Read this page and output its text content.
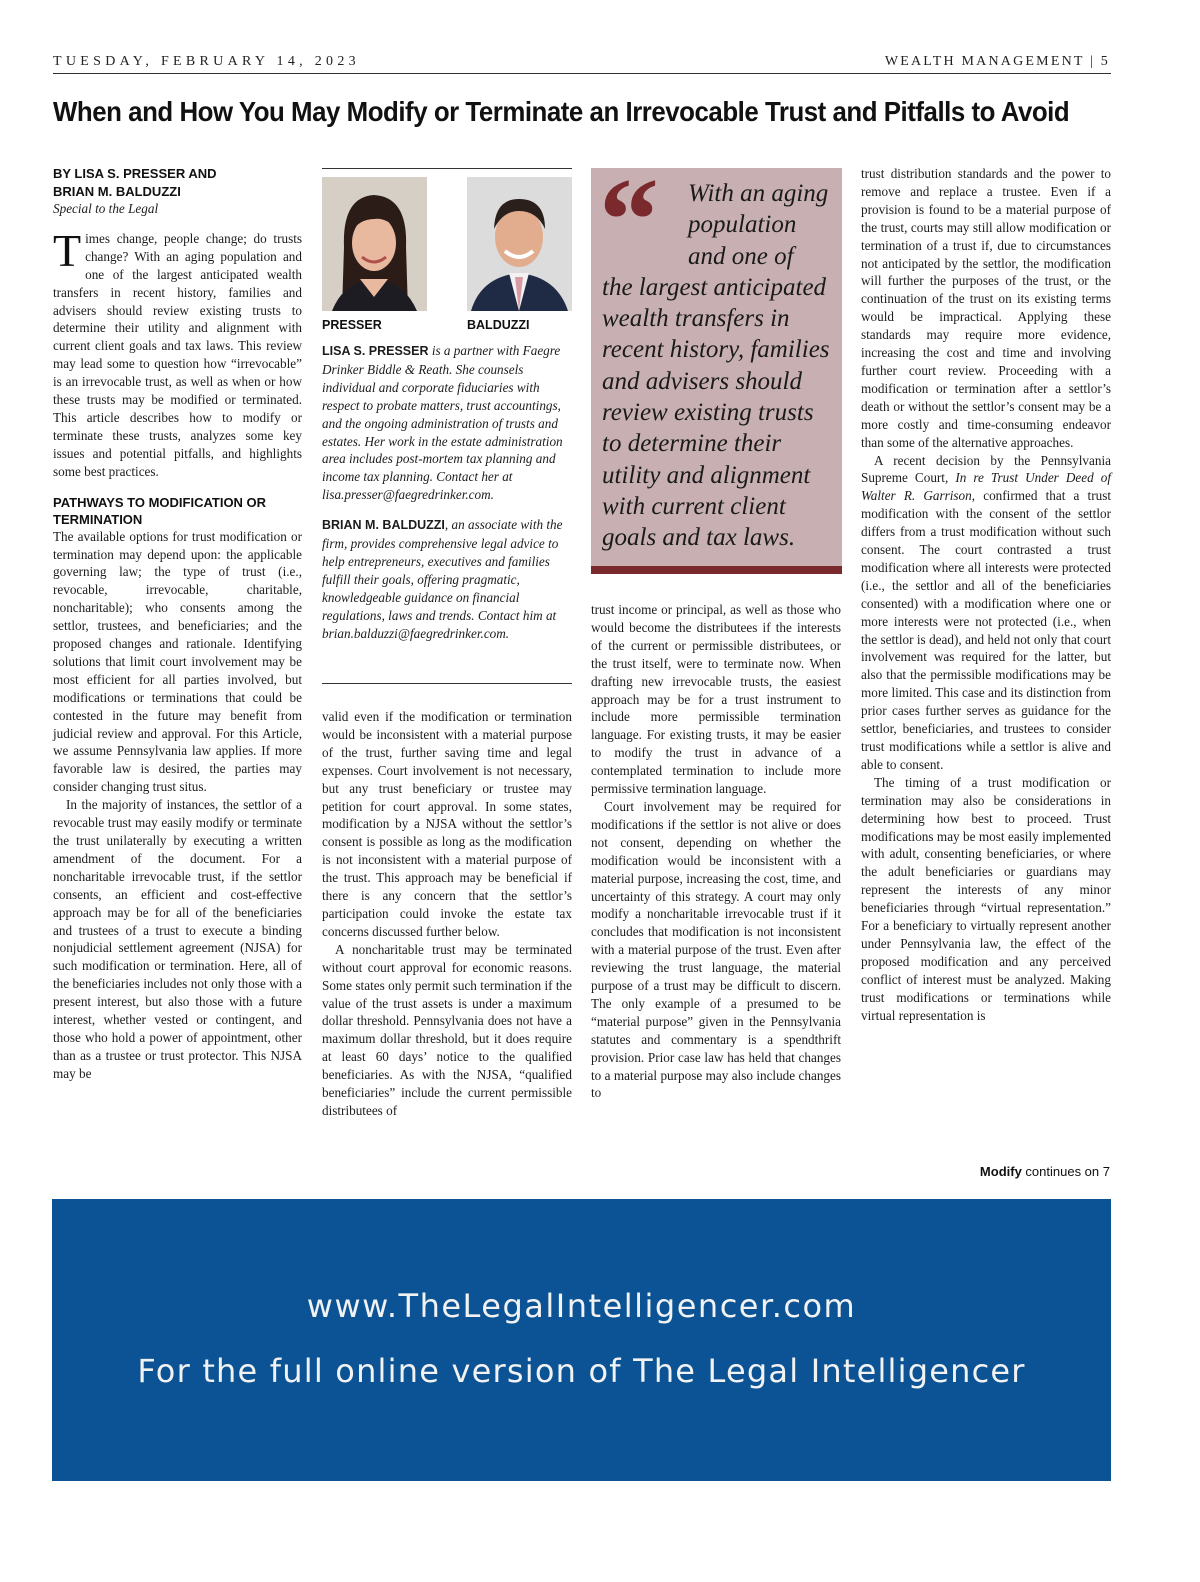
TUESDAY, FEBRUARY 14, 2023	WEALTH MANAGEMENT | 5
When and How You May Modify or Terminate an Irrevocable Trust and Pitfalls to Avoid
BY LISA S. PRESSER AND
BRIAN M. BALDUZZI
Special to the Legal

Times change, people change; do trusts change? With an aging population and one of the largest anticipated wealth transfers in recent history, families and advisers should review existing trusts to determine their utility and alignment with current client goals and tax laws. This review may lead some to question how “irrevocable” is an irrevocable trust, as well as when or how these trusts may be modified or terminated. This article describes how to modify or terminate these trusts, analyzes some key issues and potential pitfalls, and highlights some best practices.

PATHWAYS TO MODIFICATION OR TERMINATION

The available options for trust modification or termination may depend upon: the applicable governing law; the type of trust (i.e., revocable, irrevocable, charitable, noncharitable); who consents among the settlor, trustees, and beneficiaries; and the proposed changes and rationale. Identifying solutions that limit court involvement may be most efficient for all parties involved, but modifications or terminations that could be contested in the future may benefit from judicial review and approval. For this Article, we assume Pennsylvania law applies. If more favorable law is desired, the parties may consider changing trust situs.

In the majority of instances, the settlor of a revocable trust may easily modify or terminate the trust unilaterally by executing a written amendment of the document. For a noncharitable irrevocable trust, if the settlor consents, an efficient and cost-effective approach may be for all of the beneficiaries and trustees of a trust to execute a binding nonjudicial settlement agreement (NJSA) for such modification or termination. Here, all of the beneficiaries includes not only those with a present interest, but also those with a future interest, whether vested or contingent, and those who hold a power of appointment, other than as a trustee or trust protector. This NJSA may be

PRESSER	BALDUZZI

LISA S. PRESSER is a partner with Faegre Drinker Biddle & Reath. She counsels individual and corporate fiduciaries with respect to probate matters, trust accountings, and the ongoing administration of trusts and estates. Her work in the estate administration area includes post-mortem tax planning and income tax planning. Contact her at lisa.presser@faegredrinker.com.

BRIAN M. BALDUZZI, an associate with the firm, provides comprehensive legal advice to help entrepreneurs, executives and families fulfill their goals, offering pragmatic, knowledgeable guidance on financial regulations, laws and trends. Contact him at brian.balduzzi@faegredrinker.com.

valid even if the modification or termination would be inconsistent with a material purpose of the trust, further saving time and legal expenses. Court involvement is not necessary, but any trust beneficiary or trustee may petition for court approval. In some states, modification by a NJSA without the settlor’s consent is possible as long as the modification is not inconsistent with a material purpose of the trust. This approach may be beneficial if there is any concern that the settlor’s participation could invoke the estate tax concerns discussed further below.

A noncharitable trust may be terminated without court approval for economic reasons. Some states only permit such termination if the value of the trust assets is under a maximum dollar threshold. Pennsylvania does not have a maximum dollar threshold, but it does require at least 60 days’ notice to the qualified beneficiaries. As with the NJSA, “qualified beneficiaries” include the current permissible distributees of

“	With an aging population and one of
the largest anticipated wealth transfers in recent history, families and advisers should review existing trusts to determine their utility and alignment with current client goals and tax laws.

trust income or principal, as well as those who would become the distributees if the interests of the current or permissible distributees, or the trust itself, were to terminate now. When drafting new irrevocable trusts, the easiest approach may be for a trust instrument to include more permissible termination language. For existing trusts, it may be easier to modify the trust in advance of a contemplated termination to include more permissive termination language.

Court involvement may be required for modifications if the settlor is not alive or does not consent, depending on whether the modification would be inconsistent with a material purpose, increasing the cost, time, and uncertainty of this strategy. A court may only modify a noncharitable irrevocable trust if it concludes that modification is not inconsistent with a material purpose of the trust. Even after reviewing the trust language, the material purpose of a trust may be difficult to discern. The only example of a presumed to be “material purpose” given in the Pennsylvania statutes and commentary is a spendthrift provision. Prior case law has held that changes to a material purpose may also include changes to

trust distribution standards and the power to remove and replace a trustee. Even if a provision is found to be a material purpose of the trust, courts may still allow modification or termination of a trust if, due to circumstances not anticipated by the settlor, the modification will further the purposes of the trust, or the continuation of the trust on its existing terms would be impractical. Applying these standards may require more evidence, increasing the cost and time and involving further court review. Proceeding with a modification or termination after a settlor’s death or without the settlor’s consent may be a more costly and time-consuming endeavor than some of the alternative approaches.

A recent decision by the Pennsylvania Supreme Court, In re Trust Under Deed of Walter R. Garrison, confirmed that a trust modification with the consent of the settlor differs from a trust modification without such consent. The court contrasted a trust modification where all interests were protected (i.e., the settlor and all of the beneficiaries consented) with a modification where one or more interests were not protected (i.e., when the settlor is dead), and held not only that court involvement was required for the latter, but also that the permissible modifications may be more limited. This case and its distinction from prior cases further serves as guidance for the settlor, beneficiaries, and trustees to consider trust modifications while a settlor is alive and able to consent.

The timing of a trust modification or termination may also be considerations in determining how best to proceed. Trust modifications may be most easily implemented with adult, consenting beneficiaries, or where the adult beneficiaries or guardians may represent the interests of any minor beneficiaries through “virtual representation.” For a beneficiary to virtually represent another under Pennsylvania law, the effect of the proposed modification and any perceived conflict of interest must be analyzed. Making trust modifications or terminations while virtual representation is

Modify continues on 7
www.TheLegalIntelligencer.com
For the full online version of The Legal Intelligencer
